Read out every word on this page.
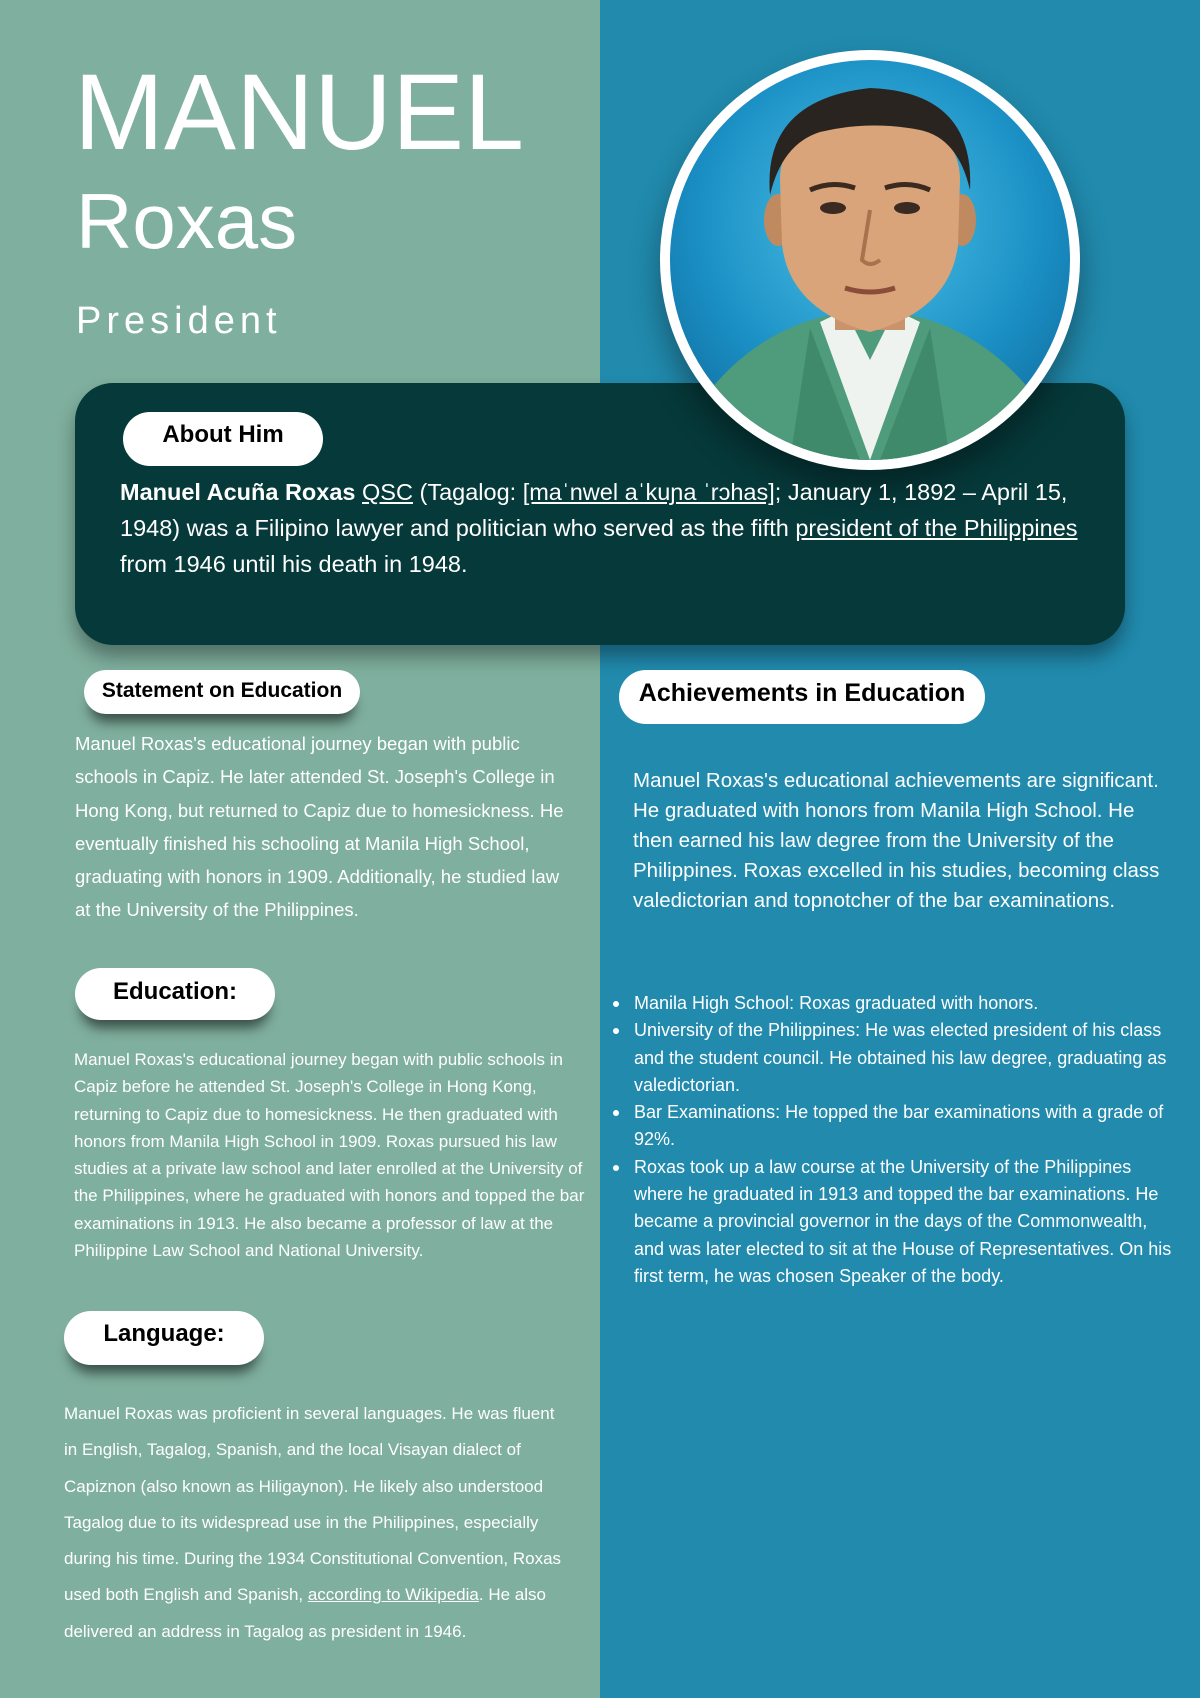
MANUEL
Roxas
President
About Him

Manuel Acuña Roxas QSC (Tagalog: [maˈnwel aˈkuɲa ˈrɔhas]; January 1, 1892 – April 15, 1948) was a Filipino lawyer and politician who served as the fifth president of the Philippines from 1946 until his death in 1948.

Statement on Education

Manuel Roxas's educational journey began with public schools in Capiz. He later attended St. Joseph's College in Hong Kong, but returned to Capiz due to homesickness. He eventually finished his schooling at Manila High School, graduating with honors in 1909. Additionally, he studied law at the University of the Philippines.

Education:

Manuel Roxas's educational journey began with public schools in Capiz before he attended St. Joseph's College in Hong Kong, returning to Capiz due to homesickness. He then graduated with honors from Manila High School in 1909. Roxas pursued his law studies at a private law school and later enrolled at the University of the Philippines, where he graduated with honors and topped the bar examinations in 1913. He also became a professor of law at the Philippine Law School and National University.

Language:

Manuel Roxas was proficient in several languages. He was fluent in English, Tagalog, Spanish, and the local Visayan dialect of Capiznon (also known as Hiligaynon). He likely also understood Tagalog due to its widespread use in the Philippines, especially during his time. During the 1934 Constitutional Convention, Roxas used both English and Spanish, according to Wikipedia. He also delivered an address in Tagalog as president in 1946.

Achievements in Education

Manuel Roxas's educational achievements are significant. He graduated with honors from Manila High School. He then earned his law degree from the University of the Philippines. Roxas excelled in his studies, becoming class valedictorian and topnotcher of the bar examinations.

Manila High School: Roxas graduated with honors.
University of the Philippines: He was elected president of his class and the student council. He obtained his law degree, graduating as valedictorian.
Bar Examinations: He topped the bar examinations with a grade of 92%.
Roxas took up a law course at the University of the Philippines where he graduated in 1913 and topped the bar examinations. He became a provincial governor in the days of the Commonwealth, and was later elected to sit at the House of Representatives. On his first term, he was chosen Speaker of the body.
